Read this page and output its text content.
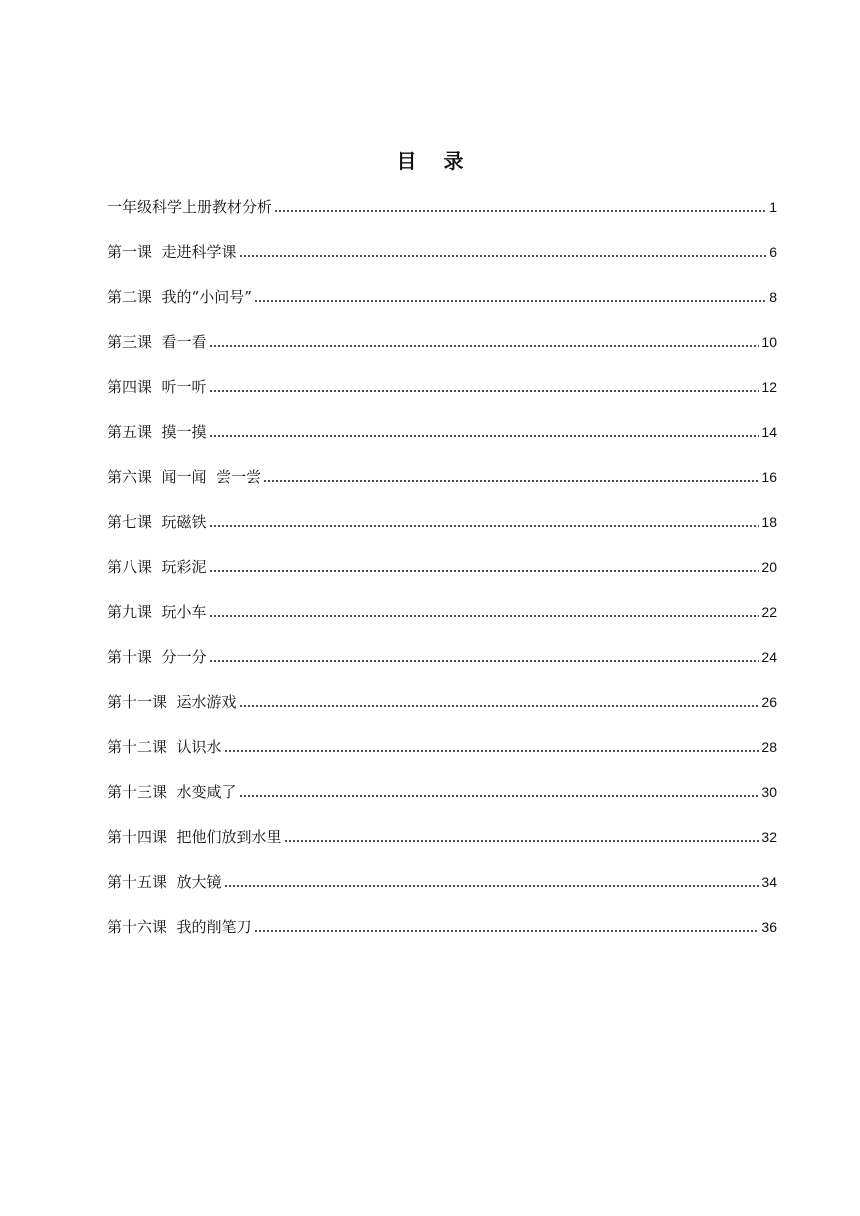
目 录
一年级科学上册教材分析	1
第一课  走进科学课	6
第二课  我的“小问号”	8
第三课  看一看	10
第四课  听一听	12
第五课  摸一摸	14
第六课  闻一闻  尝一尝	16
第七课  玩磁铁	18
第八课  玩彩泥	20
第九课  玩小车	22
第十课  分一分	24
第十一课  运水游戏	26
第十二课  认识水	28
第十三课  水变咸了	30
第十四课  把他们放到水里	32
第十五课  放大镜	34
第十六课  我的削笔刀	36
